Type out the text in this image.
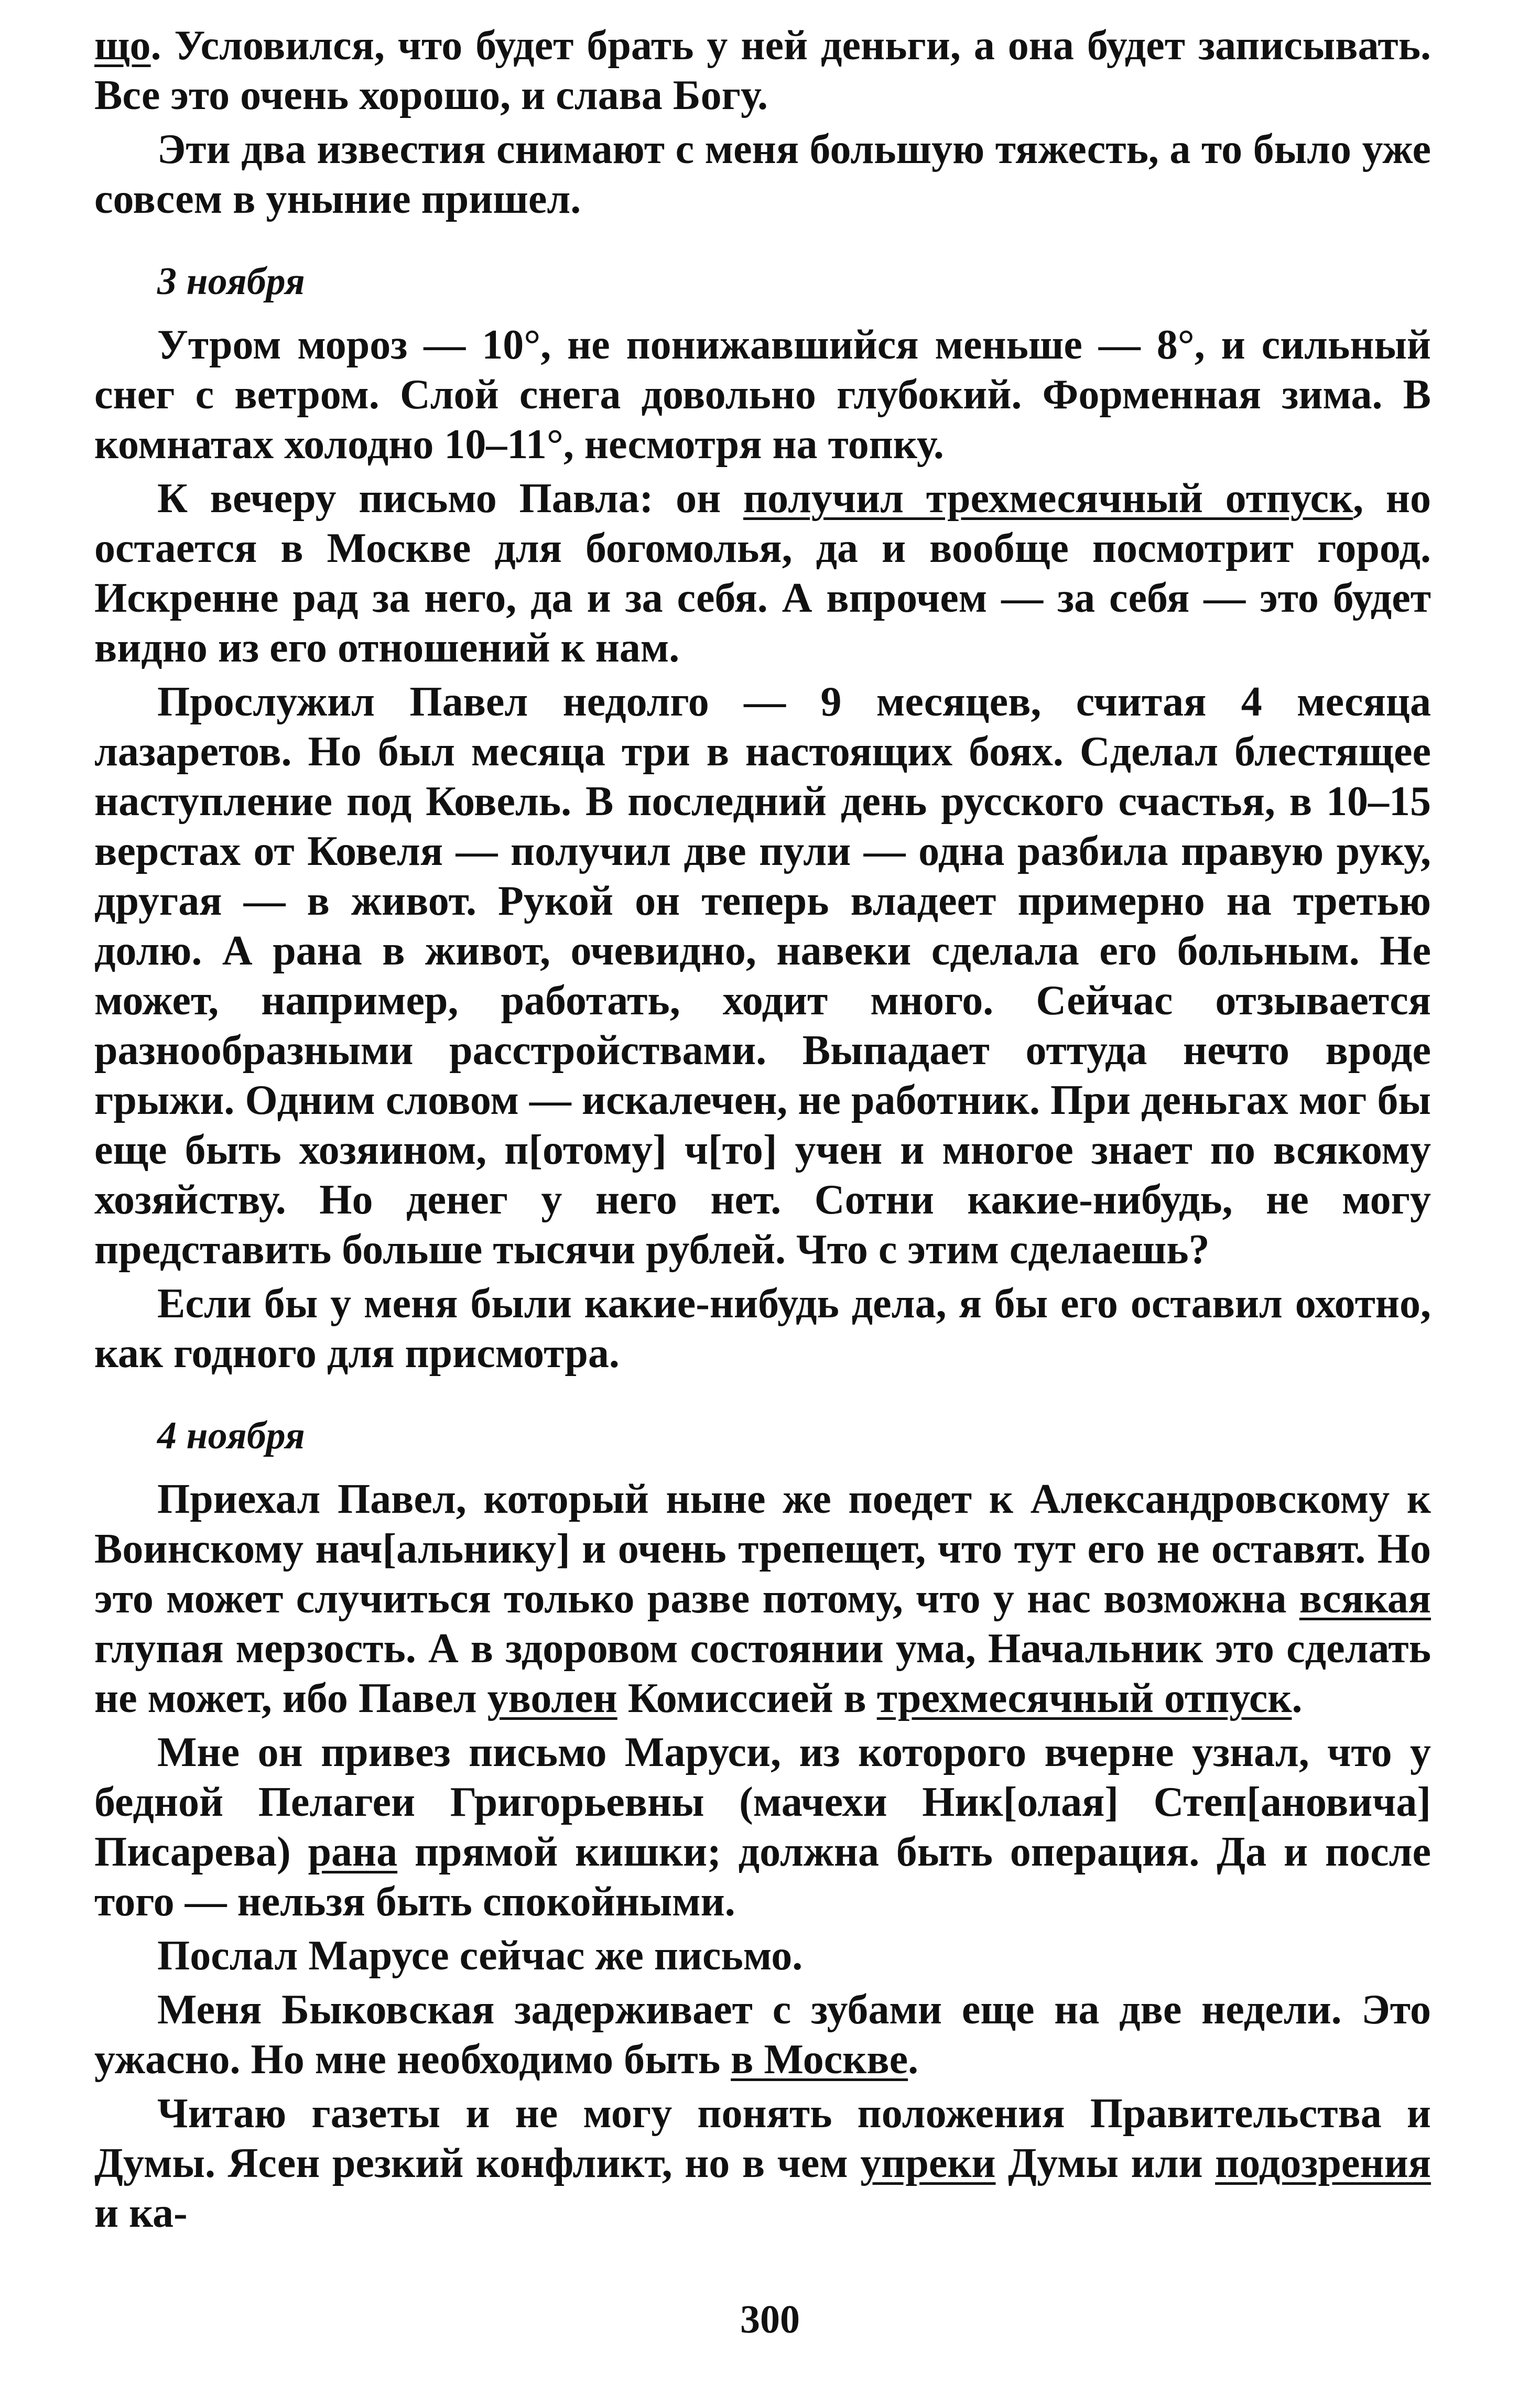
що. Условился, что будет брать у ней деньги, а она будет записывать. Все это очень хорошо, и слава Богу.

Эти два известия снимают с меня большую тяжесть, а то было уже совсем в уныние пришел.

3 ноября

Утром мороз — 10°, не понижавшийся меньше — 8°, и сильный снег с ветром. Слой снега довольно глубокий. Форменная зима. В комнатах холодно 10–11°, несмотря на топку.

К вечеру письмо Павла: он получил трехмесячный отпуск, но остается в Москве для богомолья, да и вообще посмотрит город. Искренне рад за него, да и за себя. А впрочем — за себя — это будет видно из его отношений к нам.

Прослужил Павел недолго — 9 месяцев, считая 4 месяца лазаретов. Но был месяца три в настоящих боях. Сделал блестящее наступление под Ковель. В последний день русского счастья, в 10–15 верстах от Ковеля — получил две пули — одна разбила правую руку, другая — в живот. Рукой он теперь владеет примерно на третью долю. А рана в живот, очевидно, навеки сделала его больным. Не может, например, работать, ходит много. Сейчас отзывается разнообразными расстройствами. Выпадает оттуда нечто вроде грыжи. Одним словом — искалечен, не работник. При деньгах мог бы еще быть хозяином, п[отому] ч[то] учен и многое знает по всякому хозяйству. Но денег у него нет. Сотни какие-нибудь, не могу представить больше тысячи рублей. Что с этим сделаешь?

Если бы у меня были какие-нибудь дела, я бы его оставил охотно, как годного для присмотра.

4 ноября

Приехал Павел, который ныне же поедет к Александровскому к Воинскому нач[альнику] и очень трепещет, что тут его не оставят. Но это может случиться только разве потому, что у нас возможна всякая глупая мерзость. А в здоровом состоянии ума, Начальник это сделать не может, ибо Павел уволен Комиссией в трехмесячный отпуск.

Мне он привез письмо Маруси, из которого вчерне узнал, что у бедной Пелагеи Григорьевны (мачехи Ник[олая] Степ[ановича] Писарева) рана прямой кишки; должна быть операция. Да и после того — нельзя быть спокойными.

Послал Марусе сейчас же письмо.

Меня Быковская задерживает с зубами еще на две недели. Это ужасно. Но мне необходимо быть в Москве.

Читаю газеты и не могу понять положения Правительства и Думы. Ясен резкий конфликт, но в чем упреки Думы или подозрения и ка-

300
